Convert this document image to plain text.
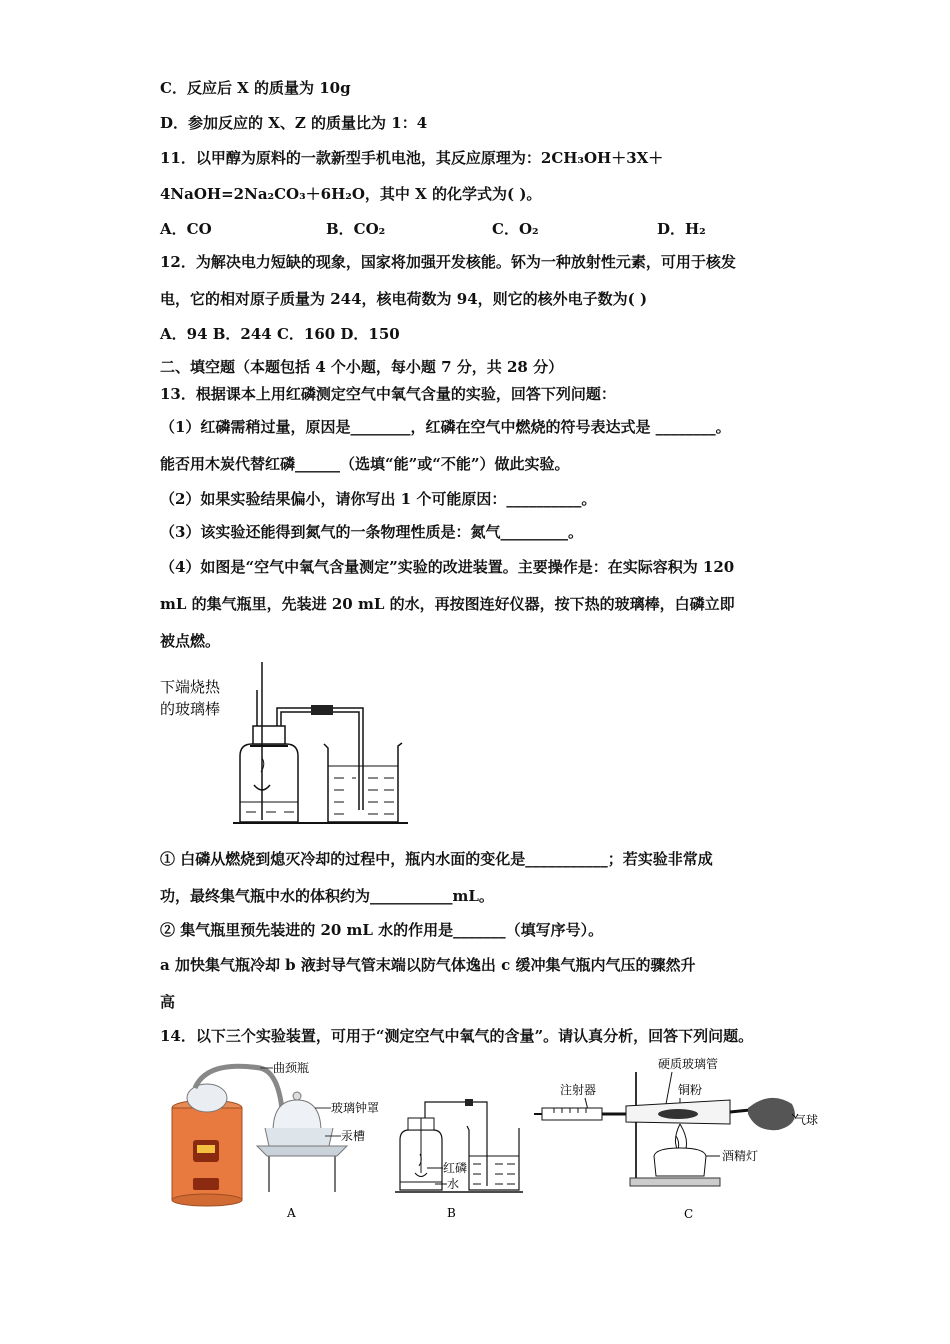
C．反应后 X 的质量为 10g
D．参加反应的 X、Z 的质量比为 1：4
11．以甲醇为原料的一款新型手机电池，其反应原理为：2CH₃OH＋3X＋
4NaOH=2Na₂CO₃＋6H₂O，其中 X 的化学式为( )。
A．CO	B．CO₂	C．O₂	D．H₂
12．为解决电力短缺的现象，国家将加强开发核能。钚为一种放射性元素，可用于核发
电，它的相对原子质量为 244，核电荷数为 94，则它的核外电子数为( )
A．94 B．244 C．160 D．150
二、填空题（本题包括 4 个小题，每小题 7 分，共 28 分）
13．根据课本上用红磷测定空气中氧气含量的实验，回答下列问题：
（1）红磷需稍过量，原因是________，红磷在空气中燃烧的符号表达式是 ________。
能否用木炭代替红磷______（选填“能”或“不能”）做此实验。
（2）如果实验结果偏小，请你写出 1 个可能原因：__________。
（3）该实验还能得到氮气的一条物理性质是：氮气_________。
（4）如图是“空气中氧气含量测定”实验的改进装置。主要操作是：在实际容积为 120
mL 的集气瓶里，先装进 20 mL 的水，再按图连好仪器，按下热的玻璃棒，白磷立即
被点燃。
下端烧热
的玻璃棒
① 白磷从燃烧到熄灭冷却的过程中，瓶内水面的变化是___________；若实验非常成
功，最终集气瓶中水的体积约为___________mL。
② 集气瓶里预先装进的 20 mL 水的作用是_______（填写序号）。
a 加快集气瓶冷却 b 液封导气管末端以防气体逸出 c 缓冲集气瓶内气压的骤然升
高
14．以下三个实验装置，可用于“测定空气中氧气的含量”。请认真分析，回答下列问题。
曲颈瓶
玻璃钟罩
汞槽
A
红磷
水
B
硬质玻璃管
注射器	铜粉
气球
酒精灯
C
